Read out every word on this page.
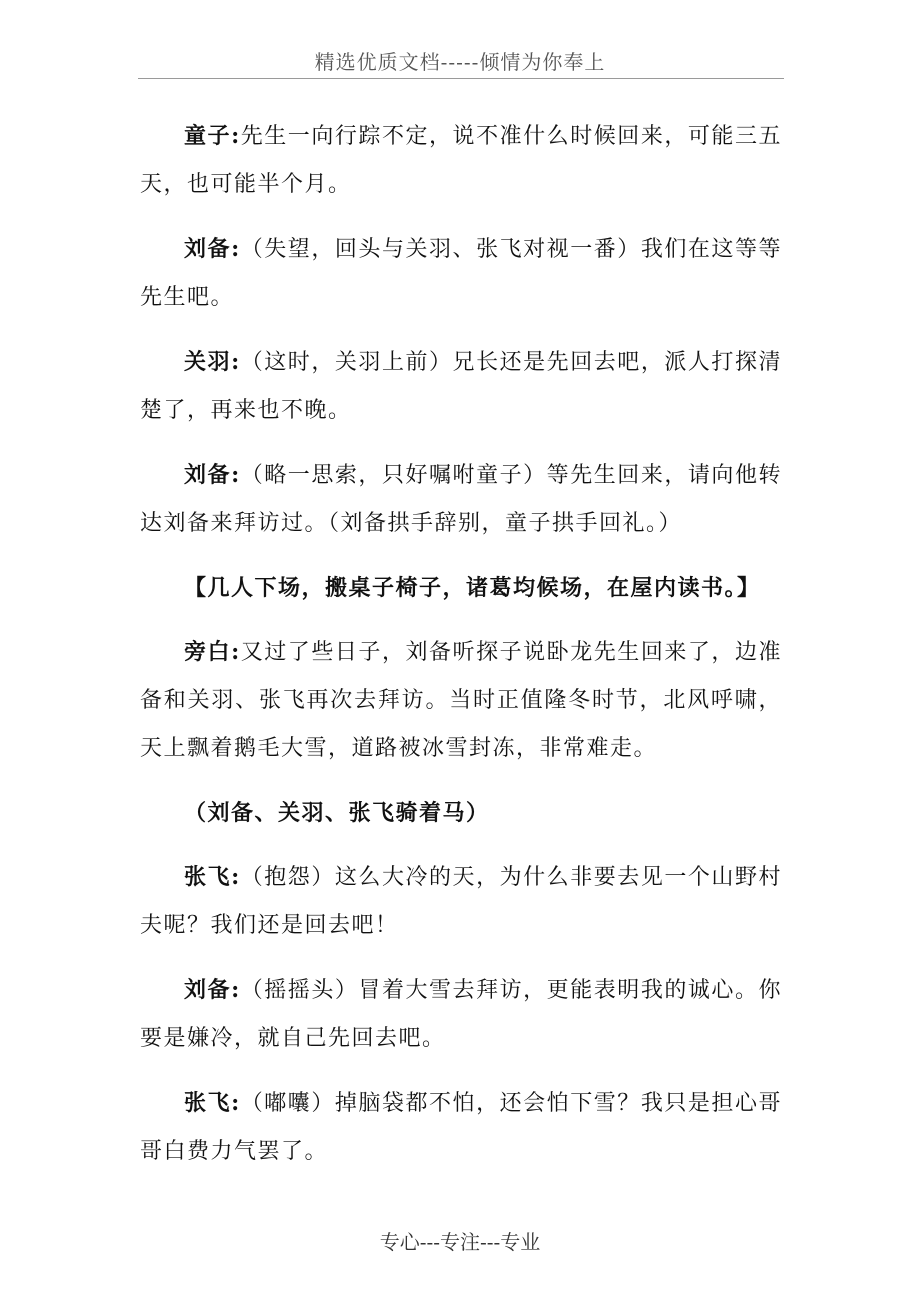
精选优质文档-----倾情为你奉上

童子:先生一向行踪不定，说不准什么时候回来，可能三五天，也可能半个月。

刘备:（失望，回头与关羽、张飞对视一番）我们在这等等先生吧。

关羽:（这时，关羽上前）兄长还是先回去吧，派人打探清楚了，再来也不晚。

刘备:（略一思索，只好嘱咐童子）等先生回来，请向他转达刘备来拜访过。（刘备拱手辞别，童子拱手回礼。）

【几人下场，搬桌子椅子，诸葛均候场，在屋内读书。】

旁白:又过了些日子，刘备听探子说卧龙先生回来了，边准备和关羽、张飞再次去拜访。当时正值隆冬时节，北风呼啸，天上飘着鹅毛大雪，道路被冰雪封冻，非常难走。

（刘备、关羽、张飞骑着马）

张飞:（抱怨）这么大冷的天，为什么非要去见一个山野村夫呢？我们还是回去吧！

刘备:（摇摇头）冒着大雪去拜访，更能表明我的诚心。你要是嫌冷，就自己先回去吧。

张飞:（嘟囔）掉脑袋都不怕，还会怕下雪？我只是担心哥哥白费力气罢了。

专心---专注---专业
